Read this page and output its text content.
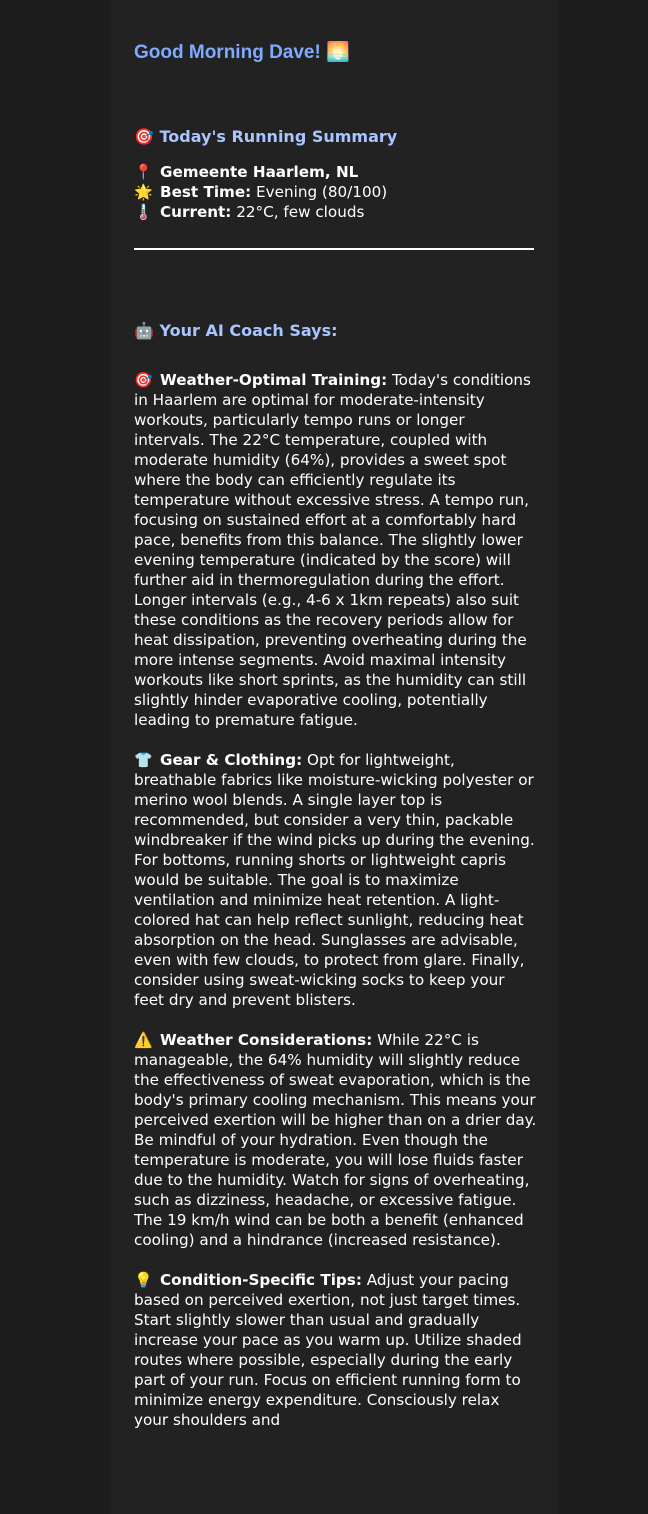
Good Morning Dave! 🌅
🎯 Today's Running Summary
📍 Gemeente Haarlem, NL
🌟 Best Time: Evening (80/100)
🌡️ Current: 22°C, few clouds
🤖 Your AI Coach Says:

🎯 Weather-Optimal Training: Today's conditions in Haarlem are optimal for moderate-intensity workouts, particularly tempo runs or longer intervals. The 22°C temperature, coupled with moderate humidity (64%), provides a sweet spot where the body can efficiently regulate its temperature without excessive stress. A tempo run, focusing on sustained effort at a comfortably hard pace, benefits from this balance. The slightly lower evening temperature (indicated by the score) will further aid in thermoregulation during the effort. Longer intervals (e.g., 4-6 x 1km repeats) also suit these conditions as the recovery periods allow for heat dissipation, preventing overheating during the more intense segments. Avoid maximal intensity workouts like short sprints, as the humidity can still slightly hinder evaporative cooling, potentially leading to premature fatigue.

👕 Gear & Clothing: Opt for lightweight, breathable fabrics like moisture-wicking polyester or merino wool blends. A single layer top is recommended, but consider a very thin, packable windbreaker if the wind picks up during the evening. For bottoms, running shorts or lightweight capris would be suitable. The goal is to maximize ventilation and minimize heat retention. A light-colored hat can help reflect sunlight, reducing heat absorption on the head. Sunglasses are advisable, even with few clouds, to protect from glare. Finally, consider using sweat-wicking socks to keep your feet dry and prevent blisters.

⚠️ Weather Considerations: While 22°C is manageable, the 64% humidity will slightly reduce the effectiveness of sweat evaporation, which is the body's primary cooling mechanism. This means your perceived exertion will be higher than on a drier day. Be mindful of your hydration. Even though the temperature is moderate, you will lose fluids faster due to the humidity. Watch for signs of overheating, such as dizziness, headache, or excessive fatigue. The 19 km/h wind can be both a benefit (enhanced cooling) and a hindrance (increased resistance).

💡 Condition-Specific Tips: Adjust your pacing based on perceived exertion, not just target times. Start slightly slower than usual and gradually increase your pace as you warm up. Utilize shaded routes where possible, especially during the early part of your run. Focus on efficient running form to minimize energy expenditure. Consciously relax your shoulders and
